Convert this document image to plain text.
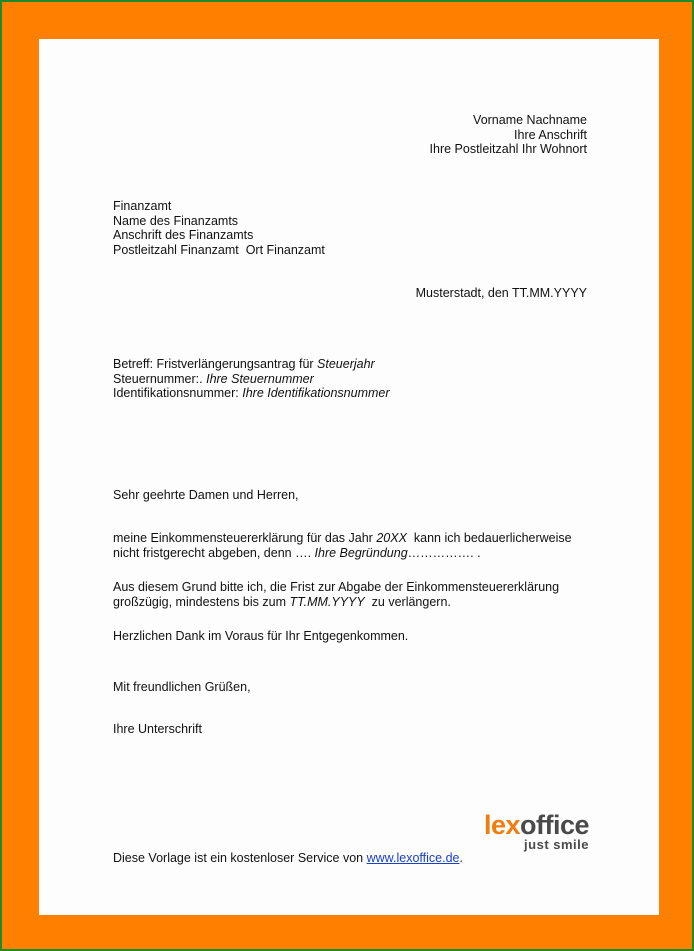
Vorname Nachname
Ihre Anschrift
Ihre Postleitzahl Ihr Wohnort
Finanzamt
Name des Finanzamts
Anschrift des Finanzamts
Postleitzahl Finanzamt  Ort Finanzamt
Musterstadt, den TT.MM.YYYY
Betreff: Fristverlängerungsantrag für Steuerjahr
Steuernummer:. Ihre Steuernummer
Identifikationsnummer: Ihre Identifikationsnummer
Sehr geehrte Damen und Herren,
meine Einkommensteuererklärung für das Jahr 20XX  kann ich bedauerlicherweise
nicht fristgerecht abgeben, denn …. Ihre Begründung……………. .
Aus diesem Grund bitte ich, die Frist zur Abgabe der Einkommensteuererklärung
großzügig, mindestens bis zum TT.MM.YYYY  zu verlängern.
Herzlichen Dank im Voraus für Ihr Entgegenkommen.
Mit freundlichen Grüßen,
Ihre Unterschrift
lexoffice
just smile
Diese Vorlage ist ein kostenloser Service von www.lexoffice.de.
